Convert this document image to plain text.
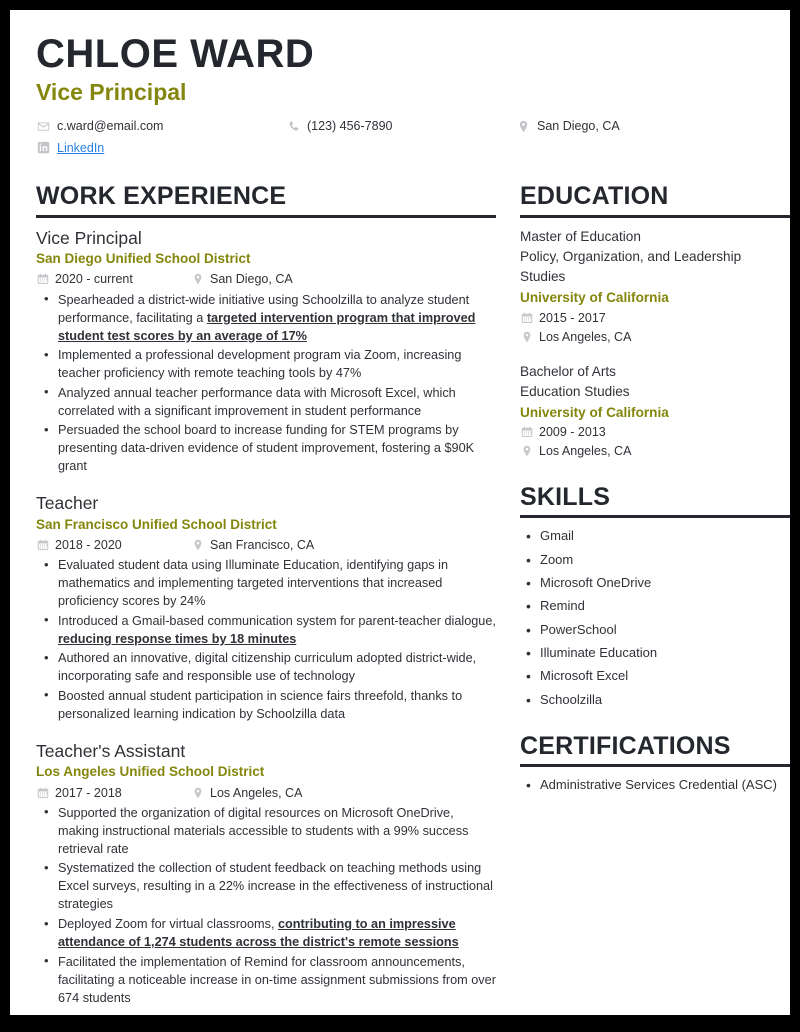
CHLOE WARD
Vice Principal
c.ward@email.com	(123) 456-7890	San Diego, CA
LinkedIn
WORK EXPERIENCE
Vice Principal
San Diego Unified School District
2020 - current	San Diego, CA
• Spearheaded a district-wide initiative using Schoolzilla to analyze student performance, facilitating a targeted intervention program that improved student test scores by an average of 17%
• Implemented a professional development program via Zoom, increasing teacher proficiency with remote teaching tools by 47%
• Analyzed annual teacher performance data with Microsoft Excel, which correlated with a significant improvement in student performance
• Persuaded the school board to increase funding for STEM programs by presenting data-driven evidence of student improvement, fostering a $90K grant
Teacher
San Francisco Unified School District
2018 - 2020	San Francisco, CA
• Evaluated student data using Illuminate Education, identifying gaps in mathematics and implementing targeted interventions that increased proficiency scores by 24%
• Introduced a Gmail-based communication system for parent-teacher dialogue, reducing response times by 18 minutes
• Authored an innovative, digital citizenship curriculum adopted district-wide, incorporating safe and responsible use of technology
• Boosted annual student participation in science fairs threefold, thanks to personalized learning indication by Schoolzilla data
Teacher's Assistant
Los Angeles Unified School District
2017 - 2018	Los Angeles, CA
• Supported the organization of digital resources on Microsoft OneDrive, making instructional materials accessible to students with a 99% success retrieval rate
• Systematized the collection of student feedback on teaching methods using Excel surveys, resulting in a 22% increase in the effectiveness of instructional strategies
• Deployed Zoom for virtual classrooms, contributing to an impressive attendance of 1,274 students across the district's remote sessions
• Facilitated the implementation of Remind for classroom announcements, facilitating a noticeable increase in on-time assignment submissions from over 674 students
EDUCATION
Master of Education
Policy, Organization, and Leadership Studies
University of California
2015 - 2017
Los Angeles, CA
Bachelor of Arts
Education Studies
University of California
2009 - 2013
Los Angeles, CA
SKILLS
• Gmail
• Zoom
• Microsoft OneDrive
• Remind
• PowerSchool
• Illuminate Education
• Microsoft Excel
• Schoolzilla
CERTIFICATIONS
• Administrative Services Credential (ASC)
